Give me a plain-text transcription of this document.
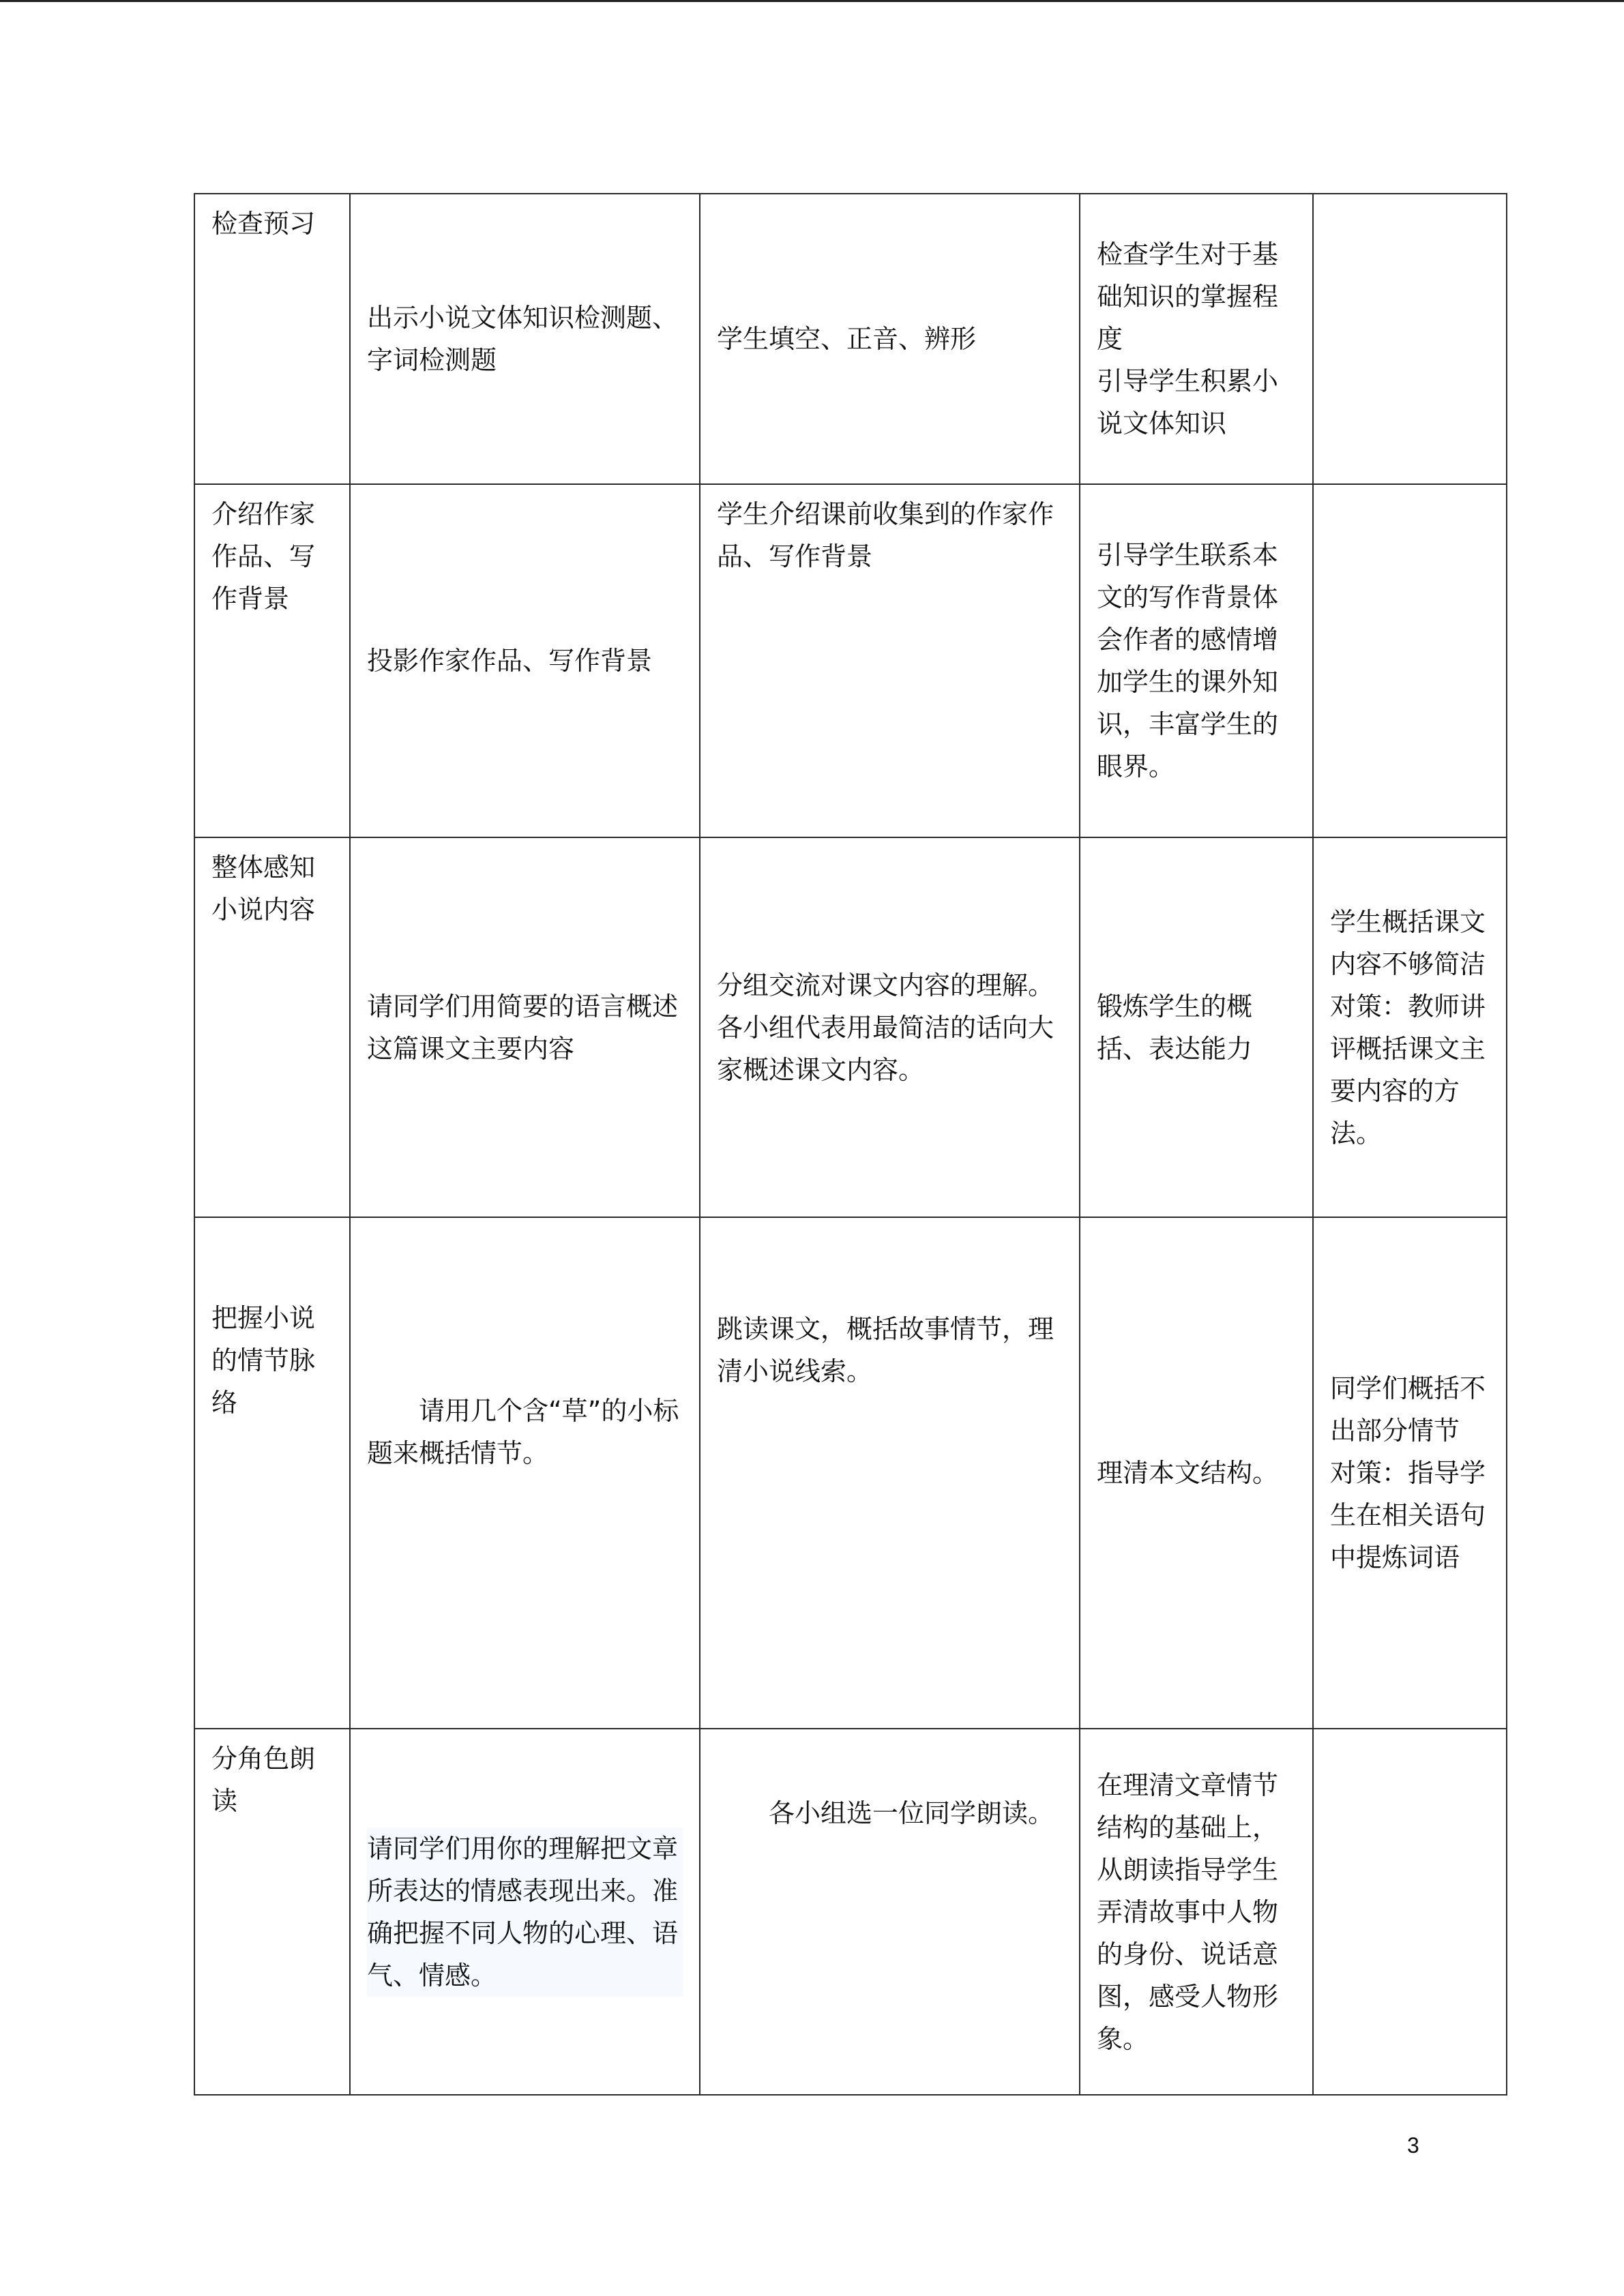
检查预习	出示小说文体知识检测题、字词检测题	学生填空、正音、辨形	检查学生对于基础知识的掌握程度
引导学生积累小说文体知识	

介绍作家作品、写作背景	投影作家作品、写作背景	学生介绍课前收集到的作家作品、写作背景	引导学生联系本文的写作背景体会作者的感情增加学生的课外知识，丰富学生的眼界。	

整体感知小说内容	请同学们用简要的语言概述这篇课文主要内容	分组交流对课文内容的理解。各小组代表用最简洁的话向大家概述课文内容。	锻炼学生的概括、表达能力	学生概括课文内容不够简洁
对策：教师讲评概括课文主要内容的方法。

把握小说的情节脉络	请用几个含“草”的小标题来概括情节。	跳读课文，概括故事情节，理清小说线索。	理清本文结构。	同学们概括不出部分情节
对策：指导学生在相关语句中提炼词语

分角色朗读	请同学们用你的理解把文章所表达的情感表现出来。准确把握不同人物的心理、语气、情感。	各小组选一位同学朗读。	在理清文章情节结构的基础上，从朗读指导学生弄清故事中人物的身份、说话意图，感受人物形象。	

3
